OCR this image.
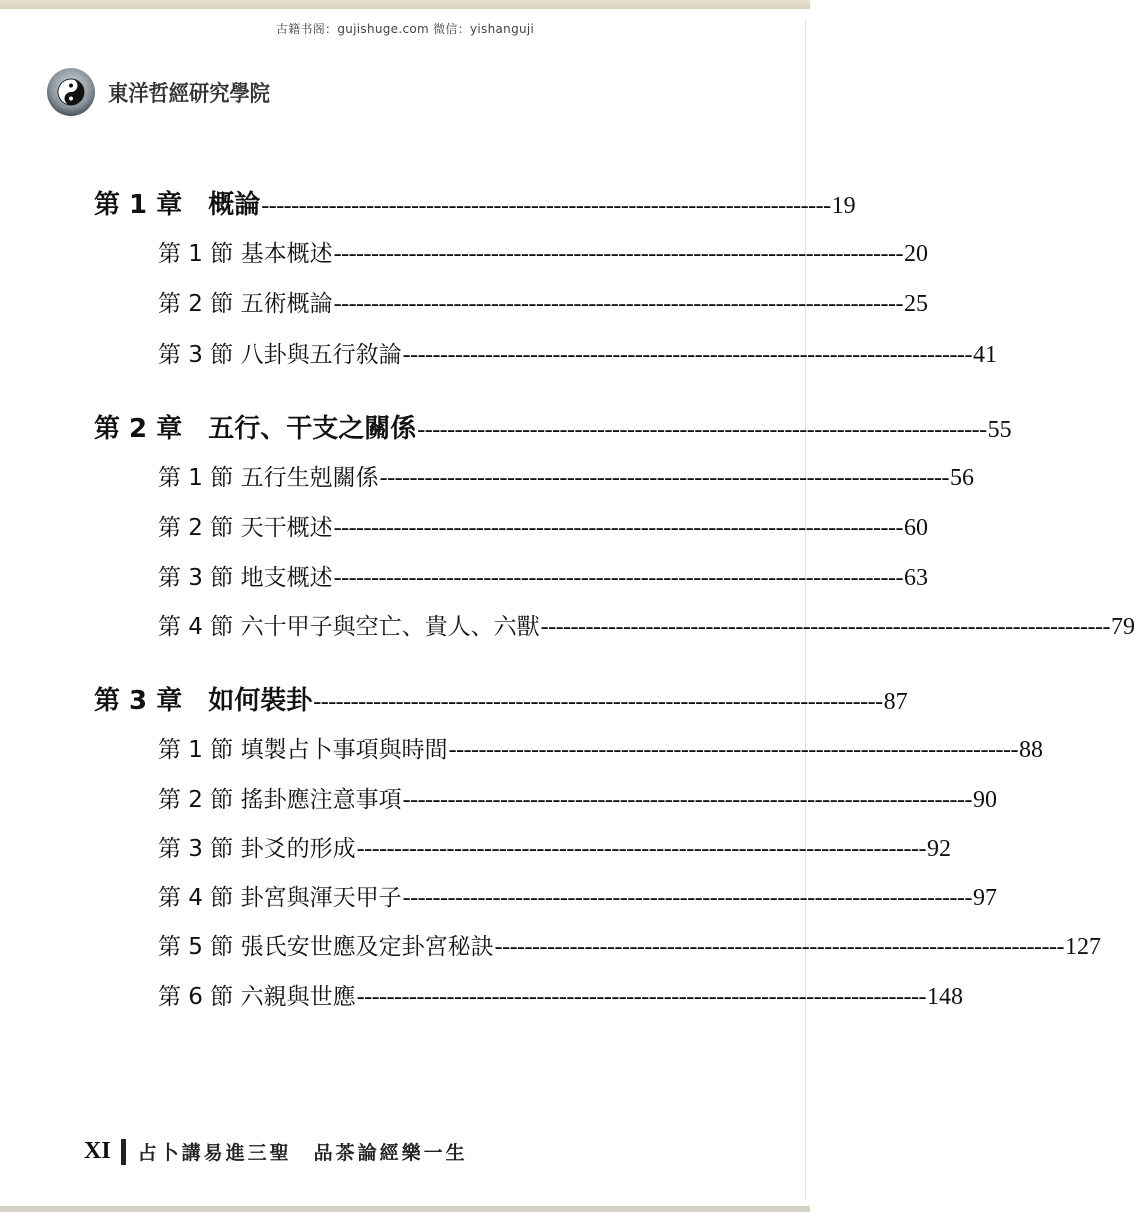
古籍书阁：gujishuge.com 微信：yishanguji
東洋哲經研究學院
第 1 章　概論 ---------------------------------------------------------------------------- 19
第 1 節 基本概述 ---------------------------------------------------------------------------- 20
第 2 節 五術概論 ---------------------------------------------------------------------------- 25
第 3 節 八卦與五行敘論 ---------------------------------------------------------------------------- 41
第 2 章　五行、干支之關係 ---------------------------------------------------------------------------- 55
第 1 節 五行生剋關係 ---------------------------------------------------------------------------- 56
第 2 節 天干概述 ---------------------------------------------------------------------------- 60
第 3 節 地支概述 ---------------------------------------------------------------------------- 63
第 4 節 六十甲子與空亡、貴人、六獸 ---------------------------------------------------------------------------- 79
第 3 章　如何裝卦 ---------------------------------------------------------------------------- 87
第 1 節 填製占卜事項與時間 ---------------------------------------------------------------------------- 88
第 2 節 搖卦應注意事項 ---------------------------------------------------------------------------- 90
第 3 節 卦爻的形成 ---------------------------------------------------------------------------- 92
第 4 節 卦宮與渾天甲子 ---------------------------------------------------------------------------- 97
第 5 節 張氏安世應及定卦宮秘訣 ---------------------------------------------------------------------------- 127
第 6 節 六親與世應 ---------------------------------------------------------------------------- 148
XI 占卜講易進三聖　品茶論經樂一生
